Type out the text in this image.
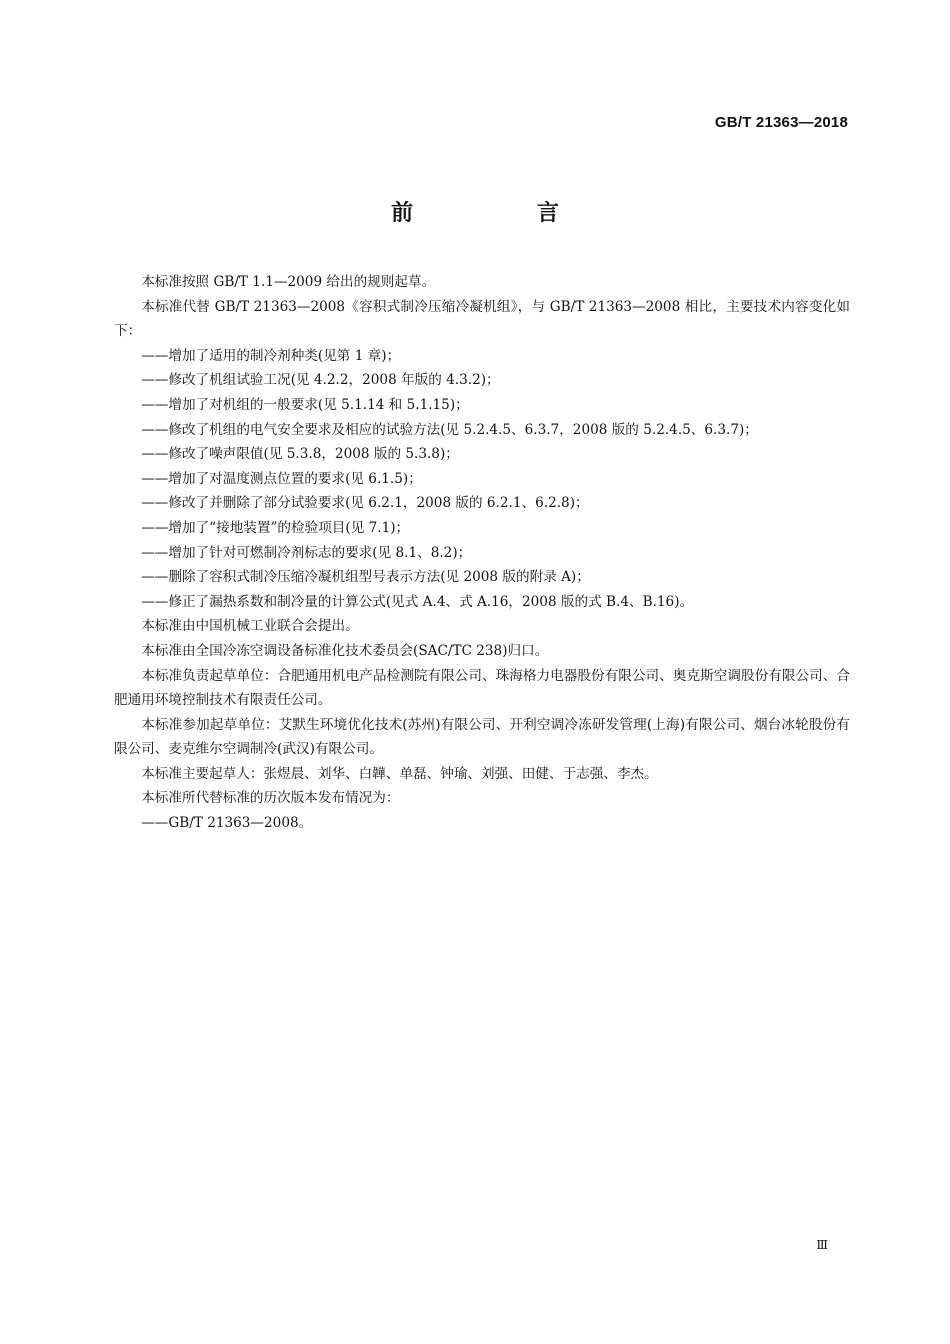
GB/T 21363—2018
前 言

本标准按照 GB/T 1.1—2009 给出的规则起草。

本标准代替 GB/T 21363—2008《容积式制冷压缩冷凝机组》，与 GB/T 21363—2008 相比，主要技术内容变化如下：

——增加了适用的制冷剂种类(见第 1 章)；

——修改了机组试验工况(见 4.2.2，2008 年版的 4.3.2)；

——增加了对机组的一般要求(见 5.1.14 和 5.1.15)；

——修改了机组的电气安全要求及相应的试验方法(见 5.2.4.5、6.3.7，2008 版的 5.2.4.5、6.3.7)；

——修改了噪声限值(见 5.3.8，2008 版的 5.3.8)；

——增加了对温度测点位置的要求(见 6.1.5)；

——修改了并删除了部分试验要求(见 6.2.1，2008 版的 6.2.1、6.2.8)；

——增加了“接地装置”的检验项目(见 7.1)；

——增加了针对可燃制冷剂标志的要求(见 8.1、8.2)；

——删除了容积式制冷压缩冷凝机组型号表示方法(见 2008 版的附录 A)；

——修正了漏热系数和制冷量的计算公式(见式 A.4、式 A.16，2008 版的式 B.4、B.16)。

本标准由中国机械工业联合会提出。

本标准由全国冷冻空调设备标准化技术委员会(SAC/TC 238)归口。

本标准负责起草单位：合肥通用机电产品检测院有限公司、珠海格力电器股份有限公司、奥克斯空调股份有限公司、合肥通用环境控制技术有限责任公司。

本标准参加起草单位：艾默生环境优化技术(苏州)有限公司、开利空调冷冻研发管理(上海)有限公司、烟台冰轮股份有限公司、麦克维尔空调制冷(武汉)有限公司。

本标准主要起草人：张煜晨、刘华、白韡、单磊、钟瑜、刘强、田健、于志强、李杰。

本标准所代替标准的历次版本发布情况为：

——GB/T 21363—2008。

Ⅲ
